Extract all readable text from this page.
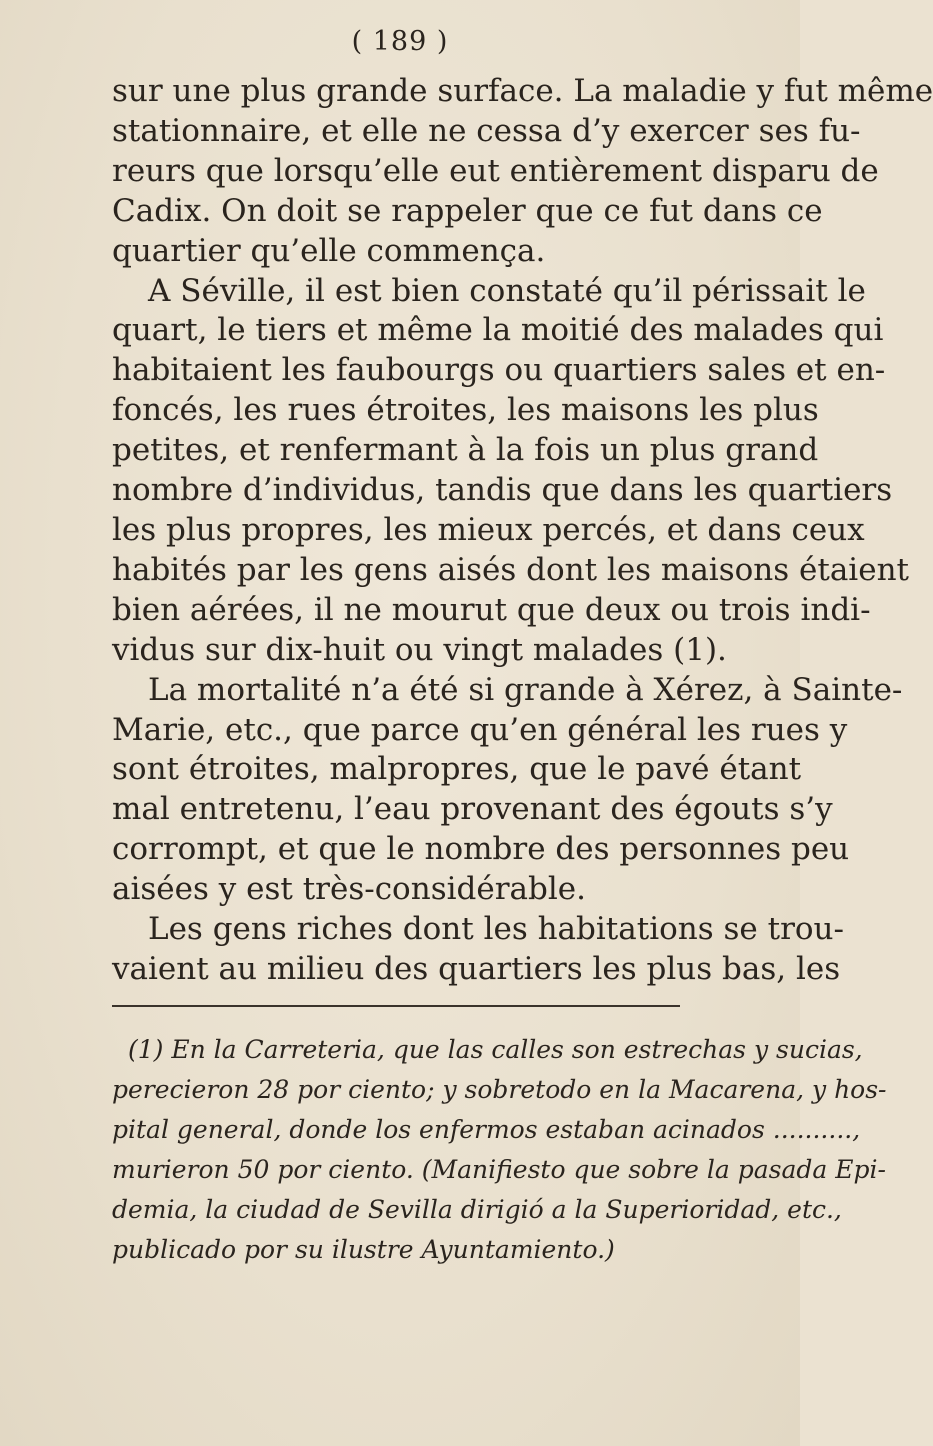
( 189 )
sur une plus grande surface. La maladie y fut même
stationnaire, et elle ne cessa d’y exercer ses fu-
reurs que lorsqu’elle eut entièrement disparu de
Cadix. On doit se rappeler que ce fut dans ce
quartier qu’elle commença.
A Séville, il est bien constaté qu’il périssait le
quart, le tiers et même la moitié des malades qui
habitaient les faubourgs ou quartiers sales et en-
foncés, les rues étroites, les maisons les plus
petites, et renfermant à la fois un plus grand
nombre d’individus, tandis que dans les quartiers
les plus propres, les mieux percés, et dans ceux
habités par les gens aisés dont les maisons étaient
bien aérées, il ne mourut que deux ou trois indi-
vidus sur dix-huit ou vingt malades (1).
La mortalité n’a été si grande à Xérez, à Sainte-
Marie, etc., que parce qu’en général les rues y
sont étroites, malpropres, que le pavé étant
mal entretenu, l’eau provenant des égouts s’y
corrompt, et que le nombre des personnes peu
aisées y est très-considérable.
Les gens riches dont les habitations se trou-
vaient au milieu des quartiers les plus bas, les
(1) En la Carreteria, que las calles son estrechas y sucias,
perecieron 28 por ciento; y sobretodo en la Macarena, y hos-
pital general, donde los enfermos estaban acinados ..........,
murieron 50 por ciento. (Manifiesto que sobre la pasada Epi-
demia, la ciudad de Sevilla dirigió a la Superioridad, etc.,
publicado por su ilustre Ayuntamiento.)
